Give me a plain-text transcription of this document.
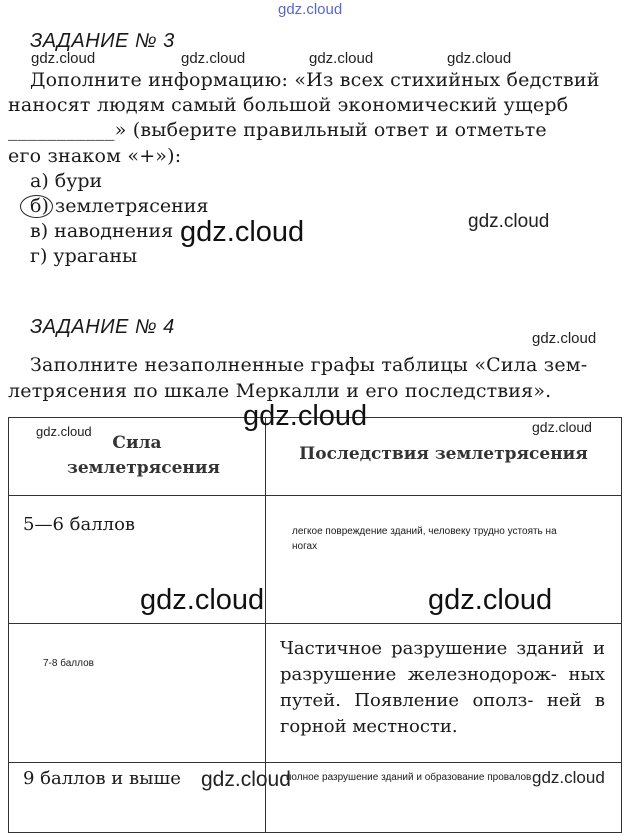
gdz.cloud
ЗАДАНИЕ № 3
gdz.cloud	gdz.cloud	gdz.cloud	gdz.cloud
Дополните информацию: «Из всех стихийных бедствий
наносят людям самый большой экономический ущерб
___________» (выберите правильный ответ и отметьте
его знаком «+»):
а) бури
б) землетрясения
в) наводнения
г) ураганы
gdz.cloud	gdz.cloud
ЗАДАНИЕ № 4
gdz.cloud
Заполните незаполненные графы таблицы «Сила зем-
летрясения по шкале Меркалли и его последствия».
Сила землетрясения	Последствия землетрясения

5—6 баллов	легкое повреждение зданий, человеку трудно устоять на ногах

7-8 баллов	Частичное разрушение зданий и разрушение железнодорож- ных путей. Появление ополз- ней в горной местности.

9 баллов и выше	полное разрушение зданий и образование провалов
gdz.cloud	gdz.cloud
gdz.cloud
gdz.cloud	gdz.cloud
gdz.cloud	gdz.cloud
